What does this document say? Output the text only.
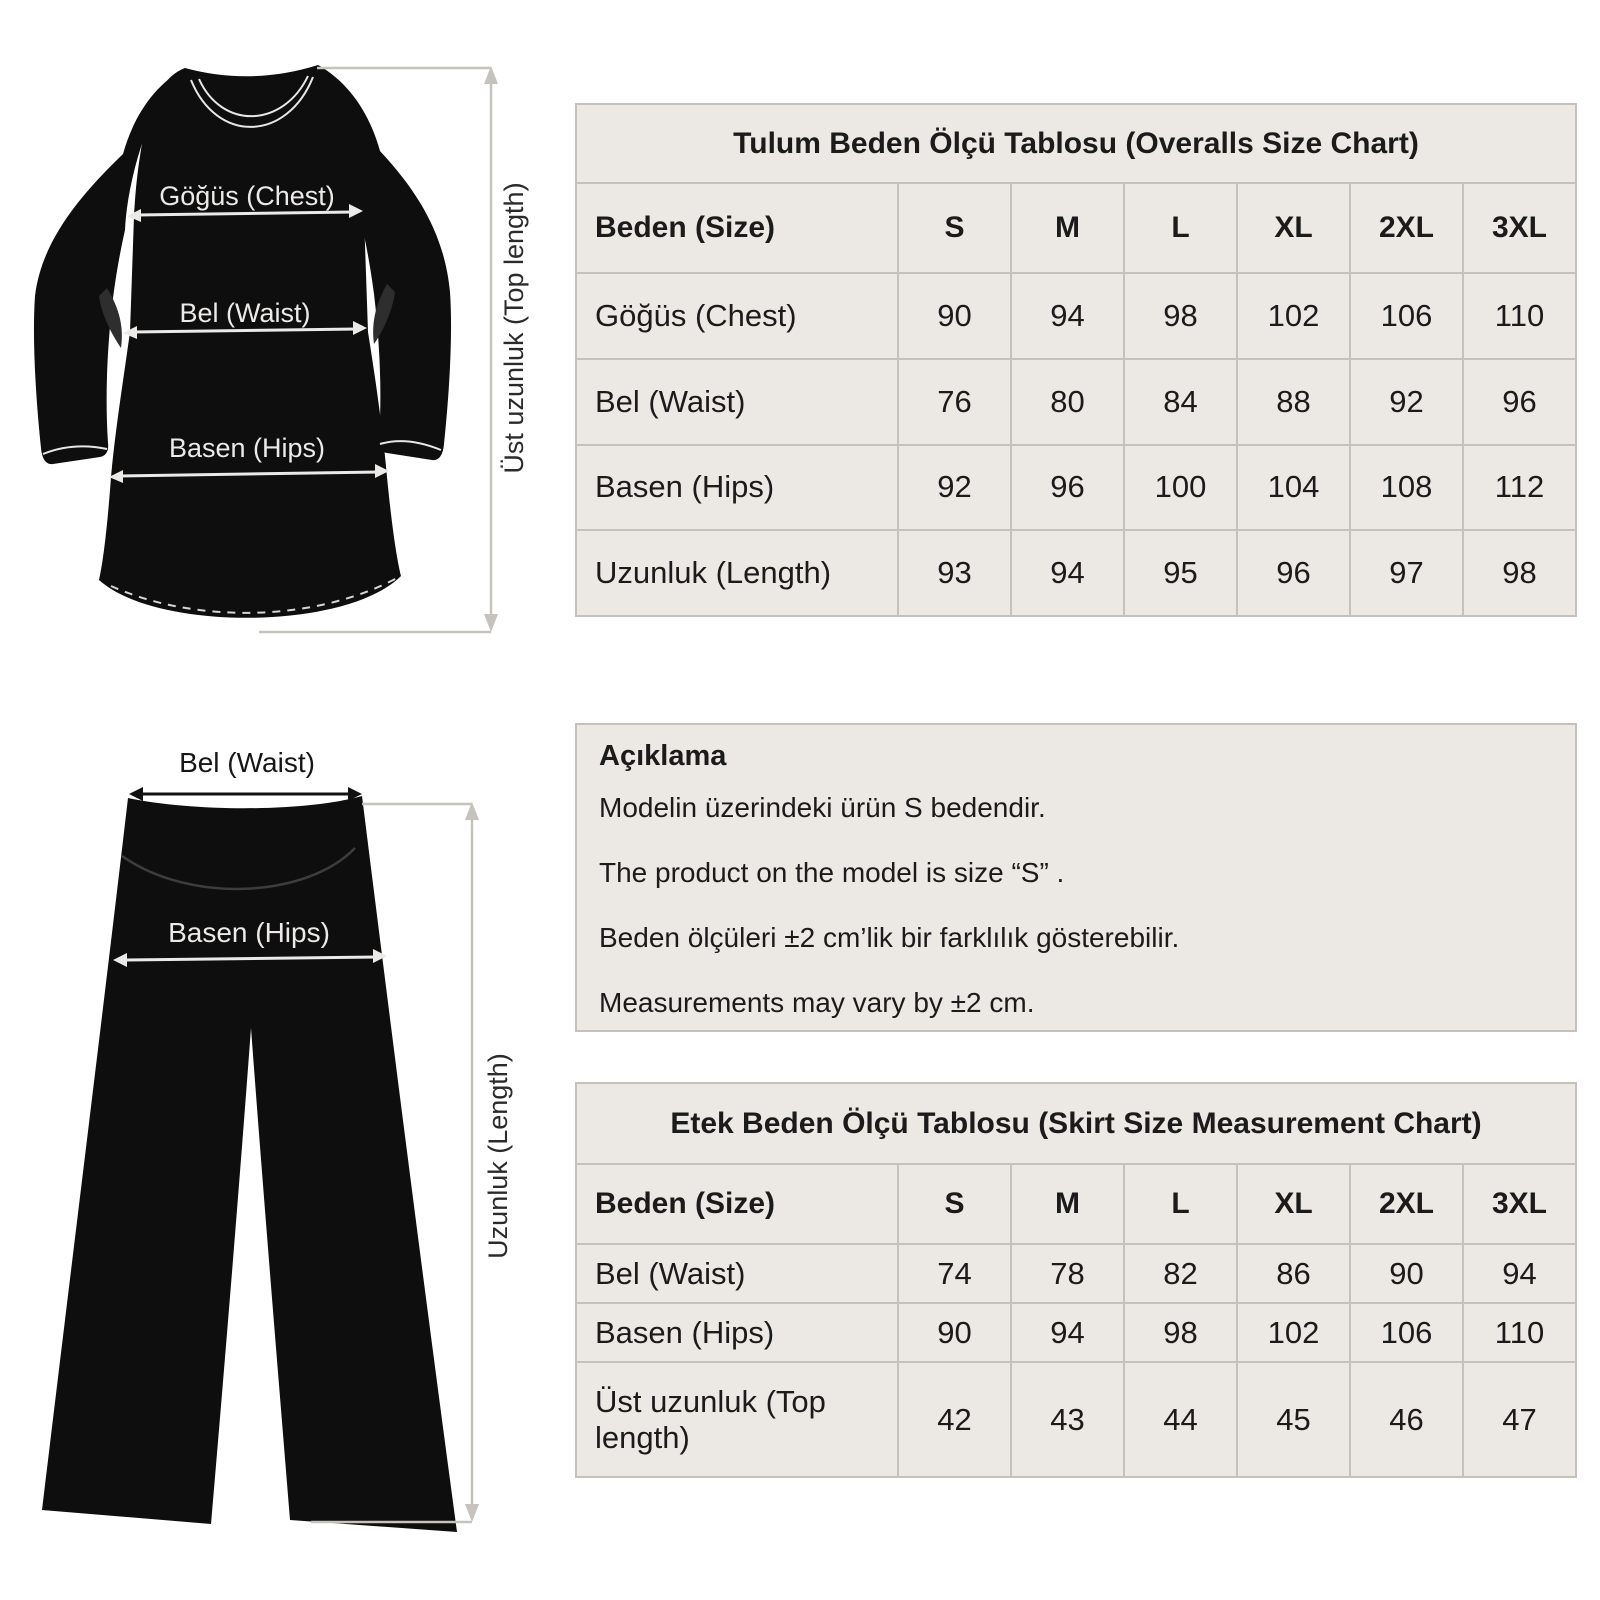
Göğüs (Chest)
Bel (Waist)
Basen (Hips)	Üst uzunluk (Top length)
Bel (Waist)
Basen (Hips)
Uzunluk (Length)
Tulum Beden Ölçü Tablosu (Overalls Size Chart)						
Beden (Size)	S	M	L	XL	2XL	3XL
Göğüs (Chest)	90	94	98	102	106	110
Bel (Waist)	76	80	84	88	92	96
Basen (Hips)	92	96	100	104	108	112
Uzunluk (Length)	93	94	95	96	97	98
Açıklama

Modelin üzerindeki ürün S bedendir.

The product on the model is size “S” .

Beden ölçüleri ±2 cm’lik bir farklılık gösterebilir.

Measurements may vary by ±2 cm.

Etek Beden Ölçü Tablosu (Skirt Size Measurement Chart)						
Beden (Size)	S	M	L	XL	2XL	3XL
Bel (Waist)	74	78	82	86	90	94
Basen (Hips)	90	94	98	102	106	110
Üst uzunluk (Top length)	42	43	44	45	46	47
